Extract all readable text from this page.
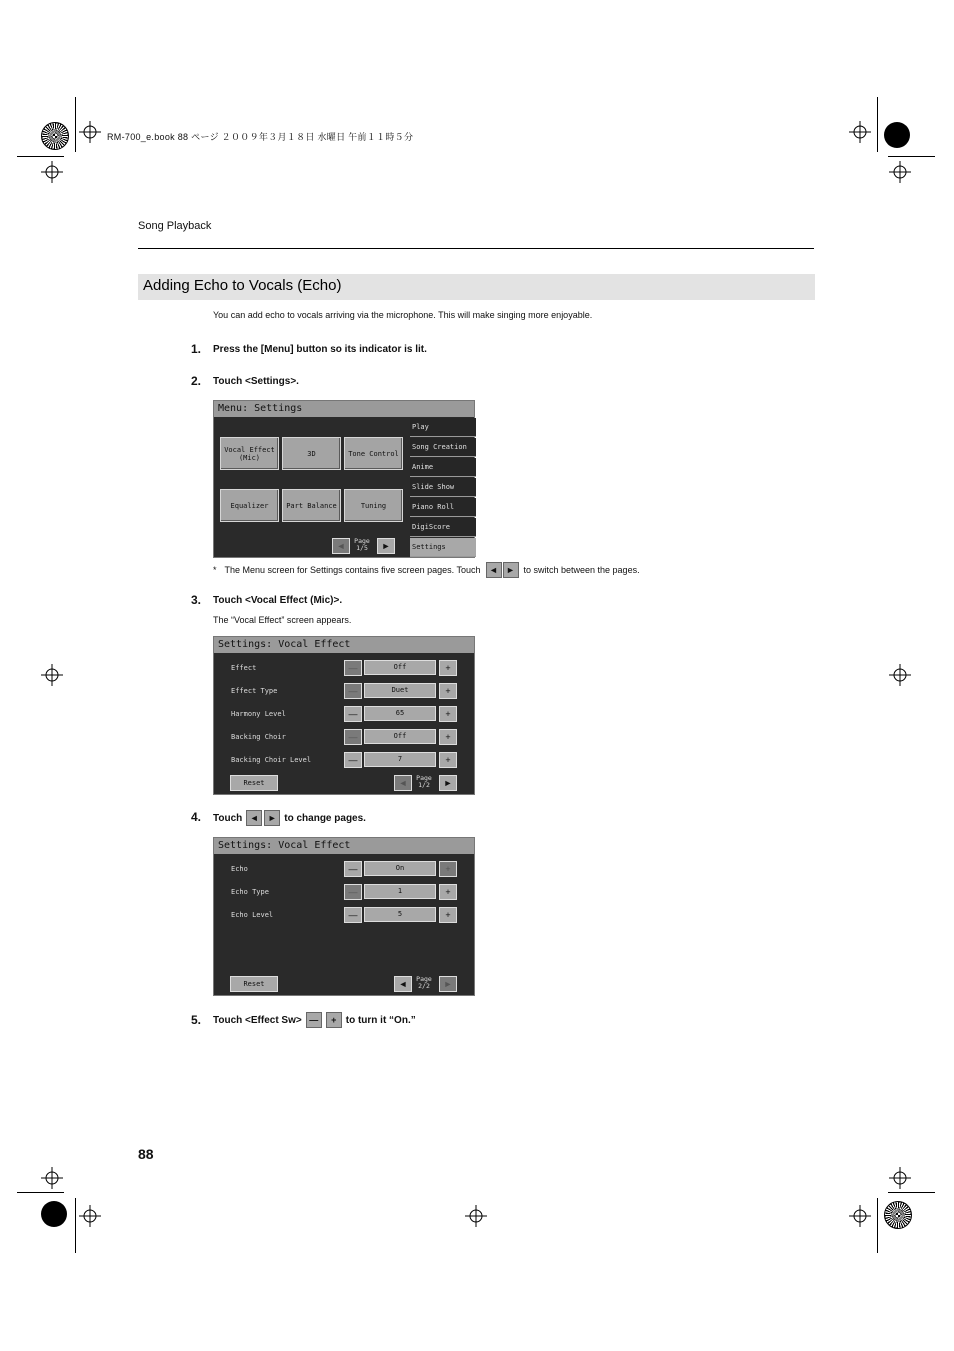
RM-700_e.book 88 ページ ２００９年３月１８日 水曜日 午前１１時５分
Song Playback
Adding Echo to Vocals (Echo)
You can add echo to vocals arriving via the microphone. This will make singing more enjoyable.
1. Press the [Menu] button so its indicator is lit.
2. Touch <Settings>.
Menu: Settings
Vocal Effect
(Mic)	3D	Tone Control
Equalizer	Part Balance	Tuning
Play
Song Creation
Anime
Slide Show
Piano Roll
DigiScore
Settings
◄	Page
1/5	►
* The Menu screen for Settings contains five screen pages. Touch ◄ ► to switch between the pages.
3. Touch <Vocal Effect (Mic)>.
The “Vocal Effect” screen appears.
Settings: Vocal Effect
Effect	—	Off	+
Effect Type	—	Duet	+
Harmony Level	—	65	+
Backing Choir	—	Off	+
Backing Choir Level	—	7	+
Reset	◄	Page
1/2	►
4. Touch ◄	► to change pages.
Settings: Vocal Effect
Echo	—	On	+
Echo Type	—	1	+
Echo Level	—	5	+
Reset	◄	Page
2/2	►
5. Touch <Effect Sw> —	+ to turn it “On.”
88
